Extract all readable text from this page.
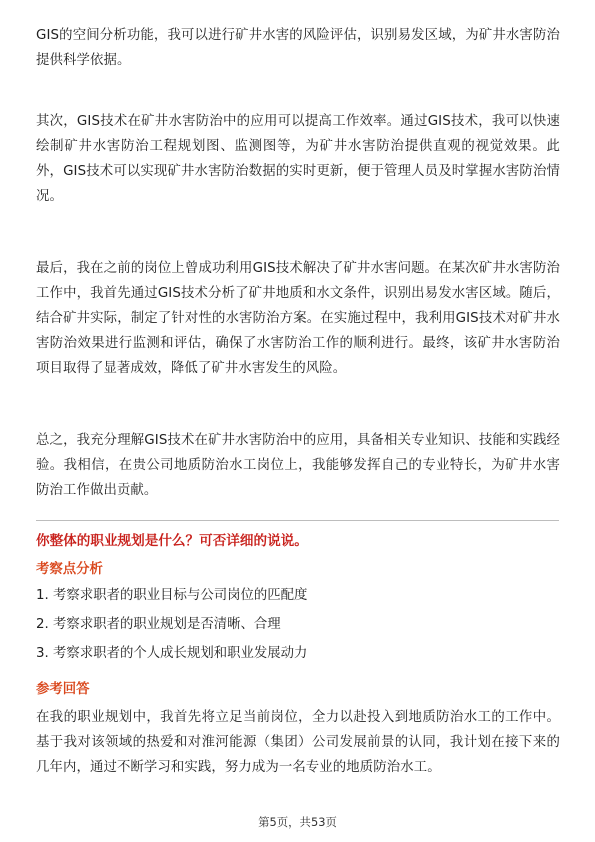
GIS的空间分析功能，我可以进行矿井水害的风险评估，识别易发区域，为矿井水害防治提供科学依据。

其次，GIS技术在矿井水害防治中的应用可以提高工作效率。通过GIS技术，我可以快速绘制矿井水害防治工程规划图、监测图等，为矿井水害防治提供直观的视觉效果。此外，GIS技术可以实现矿井水害防治数据的实时更新，便于管理人员及时掌握水害防治情况。

最后，我在之前的岗位上曾成功利用GIS技术解决了矿井水害问题。在某次矿井水害防治工作中，我首先通过GIS技术分析了矿井地质和水文条件，识别出易发水害区域。随后，结合矿井实际，制定了针对性的水害防治方案。在实施过程中，我利用GIS技术对矿井水害防治效果进行监测和评估，确保了水害防治工作的顺利进行。最终，该矿井水害防治项目取得了显著成效，降低了矿井水害发生的风险。

总之，我充分理解GIS技术在矿井水害防治中的应用，具备相关专业知识、技能和实践经验。我相信，在贵公司地质防治水工岗位上，我能够发挥自己的专业特长，为矿井水害防治工作做出贡献。

你整体的职业规划是什么？可否详细的说说。

考察点分析

1. 考察求职者的职业目标与公司岗位的匹配度

2. 考察求职者的职业规划是否清晰、合理

3. 考察求职者的个人成长规划和职业发展动力

参考回答

在我的职业规划中，我首先将立足当前岗位，全力以赴投入到地质防治水工的工作中。基于我对该领域的热爱和对淮河能源（集团）公司发展前景的认同，我计划在接下来的几年内，通过不断学习和实践，努力成为一名专业的地质防治水工。

第5页，共53页
